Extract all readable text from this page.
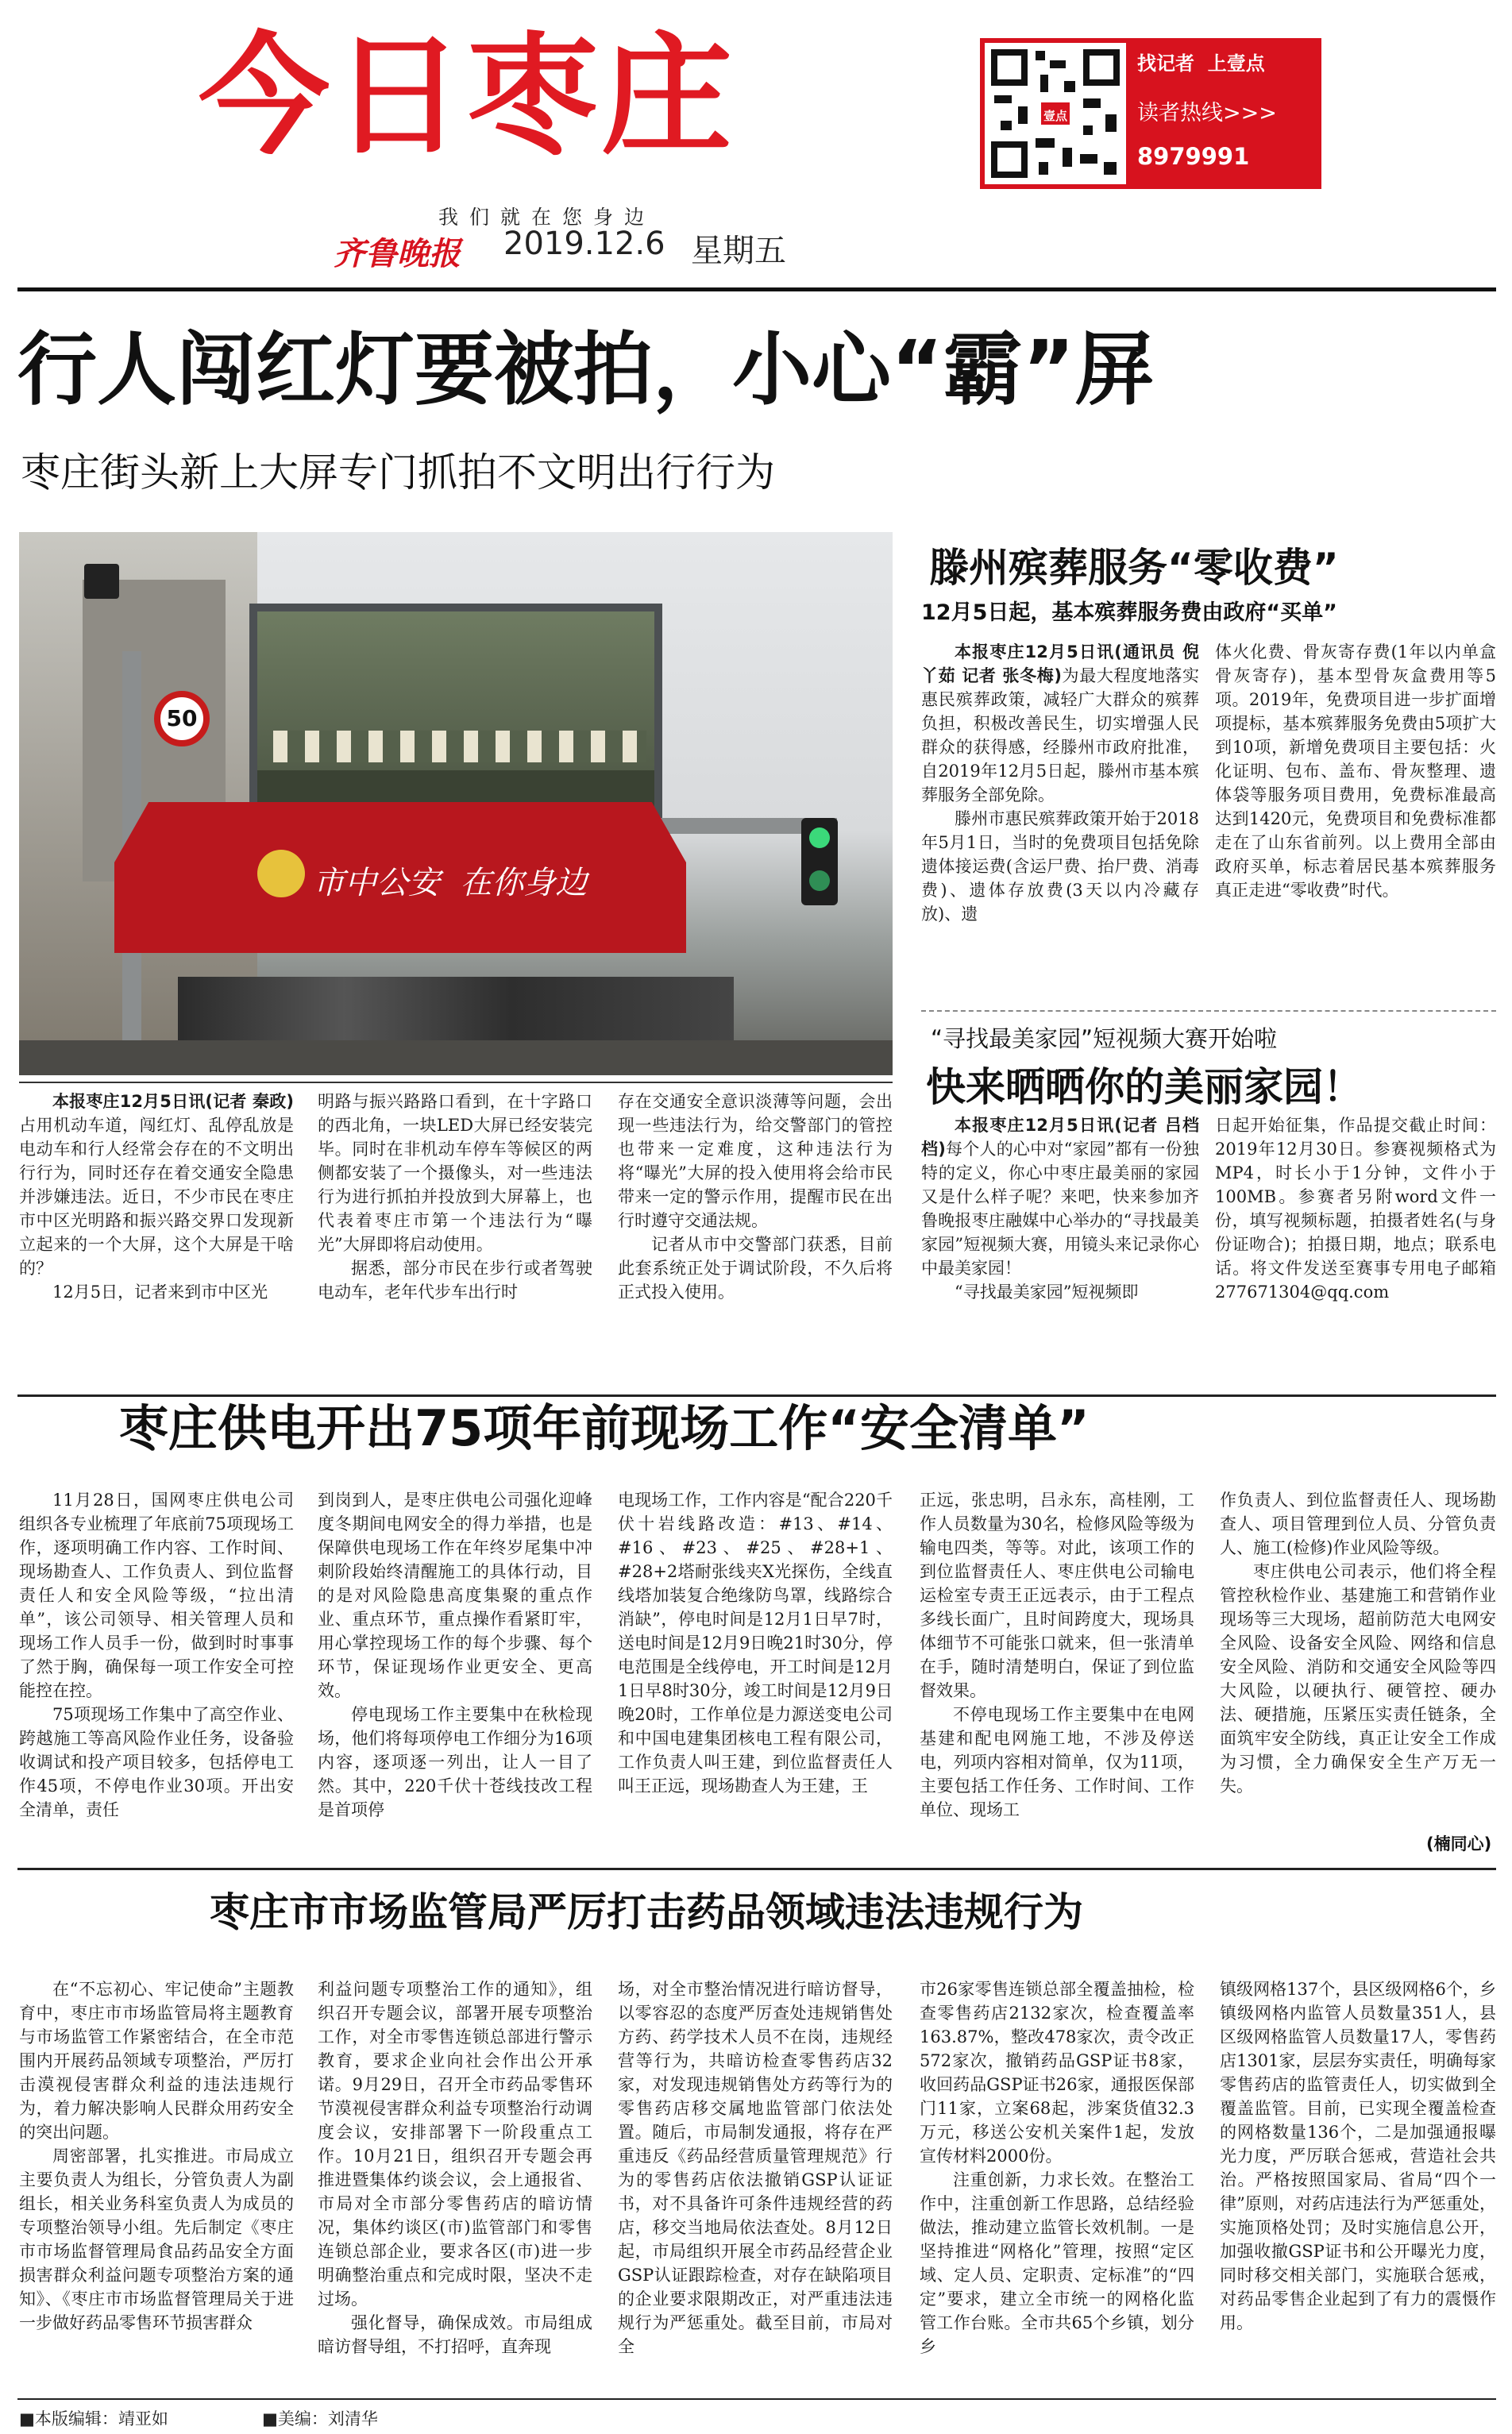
今日枣庄
我们就在您身边
齐鲁晚报 2019.12.6 星期五
壹点
找记者  上壹点
读者热线>>>
8979991
行人闯红灯要被拍，小心“霸”屏
枣庄街头新上大屏专门抓拍不文明出行行为
50
市中公安  在你身边

本报枣庄12月5日讯(记者 秦政)占用机动车道，闯红灯、乱停乱放是电动车和行人经常会存在的不文明出行行为，同时还存在着交通安全隐患并涉嫌违法。近日，不少市民在枣庄市中区光明路和振兴路交界口发现新立起来的一个大屏，这个大屏是干啥的？

12月5日，记者来到市中区光

明路与振兴路路口看到，在十字路口的西北角，一块LED大屏已经安装完毕。同时在非机动车停车等候区的两侧都安装了一个摄像头，对一些违法行为进行抓拍并投放到大屏幕上，也代表着枣庄市第一个违法行为“曝光”大屏即将启动使用。

据悉，部分市民在步行或者驾驶电动车，老年代步车出行时

存在交通安全意识淡薄等问题，会出现一些违法行为，给交警部门的管控也带来一定难度，这种违法行为将“曝光”大屏的投入使用将会给市民带来一定的警示作用，提醒市民在出行时遵守交通法规。

记者从市中交警部门获悉，目前此套系统正处于调试阶段，不久后将正式投入使用。

滕州殡葬服务“零收费”
12月5日起，基本殡葬服务费由政府“买单”

本报枣庄12月5日讯(通讯员 倪丫茹 记者 张冬梅)为最大程度地落实惠民殡葬政策，减轻广大群众的殡葬负担，积极改善民生，切实增强人民群众的获得感，经滕州市政府批准，自2019年12月5日起，滕州市基本殡葬服务全部免除。

滕州市惠民殡葬政策开始于2018年5月1日，当时的免费项目包括免除遗体接运费(含运尸费、抬尸费、消毒费)、遗体存放费(3天以内冷藏存放)、遗

体火化费、骨灰寄存费(1年以内单盒骨灰寄存)，基本型骨灰盒费用等5项。2019年，免费项目进一步扩面增项提标，基本殡葬服务免费由5项扩大到10项，新增免费项目主要包括：火化证明、包布、盖布、骨灰整理、遗体袋等服务项目费用，免费标准最高达到1420元，免费项目和免费标准都走在了山东省前列。以上费用全部由政府买单，标志着居民基本殡葬服务真正走进“零收费”时代。

“寻找最美家园”短视频大赛开始啦
快来晒晒你的美丽家园！

本报枣庄12月5日讯(记者 吕档档)每个人的心中对“家园”都有一份独特的定义，你心中枣庄最美丽的家园又是什么样子呢？来吧，快来参加齐鲁晚报枣庄融媒中心举办的“寻找最美家园”短视频大赛，用镜头来记录你心中最美家园！

“寻找最美家园”短视频即

日起开始征集，作品提交截止时间：2019年12月30日。参赛视频格式为MP4，时长小于1分钟，文件小于100MB。参赛者另附word文件一份，填写视频标题，拍摄者姓名(与身份证吻合)；拍摄日期，地点；联系电话。将文件发送至赛事专用电子邮箱277671304@qq.com

枣庄供电开出75项年前现场工作“安全清单”

11月28日，国网枣庄供电公司组织各专业梳理了年底前75项现场工作，逐项明确工作内容、工作时间、现场勘查人、工作负责人、到位监督责任人和安全风险等级，“拉出清单”，该公司领导、相关管理人员和现场工作人员手一份，做到时时事事了然于胸，确保每一项工作安全可控能控在控。

75项现场工作集中了高空作业、跨越施工等高风险作业任务，设备验收调试和投产项目较多，包括停电工作45项，不停电作业30项。开出安全清单，责任

到岗到人，是枣庄供电公司强化迎峰度冬期间电网安全的得力举措，也是保障供电现场工作在年终岁尾集中冲刺阶段始终清醒施工的具体行动，目的是对风险隐患高度集聚的重点作业、重点环节，重点操作看紧盯牢，用心掌控现场工作的每个步骤、每个环节，保证现场作业更安全、更高效。

停电现场工作主要集中在秋检现场，他们将每项停电工作细分为16项内容，逐项逐一列出，让人一目了然。其中，220千伏十苍线技改工程是首项停

电现场工作，工作内容是“配合220千伏十岩线路改造：#13、#14、#16、#23、#25、#28+1、#28+2塔耐张线夹X光探伤，全线直线塔加装复合绝缘防鸟罩，线路综合消缺”，停电时间是12月1日早7时，送电时间是12月9日晚21时30分，停电范围是全线停电，开工时间是12月1日早8时30分，竣工时间是12月9日晚20时，工作单位是力源送变电公司和中国电建集团核电工程有限公司，工作负责人叫王建，到位监督责任人叫王正远，现场勘查人为王建，王

正远，张忠明，吕永东，高桂刚，工作人员数量为30名，检修风险等级为输电四类，等等。对此，该项工作的到位监督责任人、枣庄供电公司输电运检室专责王正远表示，由于工程点多线长面广，且时间跨度大，现场具体细节不可能张口就来，但一张清单在手，随时清楚明白，保证了到位监督效果。

不停电现场工作主要集中在电网基建和配电网施工地，不涉及停送电，列项内容相对简单，仅为11项，主要包括工作任务、工作时间、工作单位、现场工

作负责人、到位监督责任人、现场勘查人、项目管理到位人员、分管负责人、施工(检修)作业风险等级。

枣庄供电公司表示，他们将全程管控秋检作业、基建施工和营销作业现场等三大现场，超前防范大电网安全风险、设备安全风险、网络和信息安全风险、消防和交通安全风险等四大风险，以硬执行、硬管控、硬办法、硬措施，压紧压实责任链条，全面筑牢安全防线，真正让安全工作成为习惯，全力确保安全生产万无一失。

(楠同心)
枣庄市市场监管局严厉打击药品领域违法违规行为

在“不忘初心、牢记使命”主题教育中，枣庄市市场监管局将主题教育与市场监管工作紧密结合，在全市范围内开展药品领域专项整治，严厉打击漠视侵害群众利益的违法违规行为，着力解决影响人民群众用药安全的突出问题。

周密部署，扎实推进。市局成立主要负责人为组长，分管负责人为副组长，相关业务科室负责人为成员的专项整治领导小组。先后制定《枣庄市市场监督管理局食品药品安全方面损害群众利益问题专项整治方案的通知》、《枣庄市市场监督管理局关于进一步做好药品零售环节损害群众

利益问题专项整治工作的通知》，组织召开专题会议，部署开展专项整治工作，对全市零售连锁总部进行警示教育，要求企业向社会作出公开承诺。9月29日，召开全市药品零售环节漠视侵害群众利益专项整治行动调度会议，安排部署下一阶段重点工作。10月21日，组织召开专题会再推进暨集体约谈会议，会上通报省、市局对全市部分零售药店的暗访情况，集体约谈区(市)监管部门和零售连锁总部企业，要求各区(市)进一步明确整治重点和完成时限，坚决不走过场。

强化督导，确保成效。市局组成暗访督导组，不打招呼，直奔现

场，对全市整治情况进行暗访督导，以零容忍的态度严厉查处违规销售处方药、药学技术人员不在岗，违规经营等行为，共暗访检查零售药店32家，对发现违规销售处方药等行为的零售药店移交属地监管部门依法处置。随后，市局制发通报，将存在严重违反《药品经营质量管理规范》行为的零售药店依法撤销GSP认证证书，对不具备许可条件违规经营的药店，移交当地局依法查处。8月12日起，市局组织开展全市药品经营企业GSP认证跟踪检查，对存在缺陷项目的企业要求限期改正，对严重违法违规行为严惩重处。截至目前，市局对全

市26家零售连锁总部全覆盖抽检，检查零售药店2132家次，检查覆盖率163.87%，整改478家次，责令改正572家次，撤销药品GSP证书8家，收回药品GSP证书26家，通报医保部门11家，立案68起，涉案货值32.3万元，移送公安机关案件1起，发放宣传材料2000份。

注重创新，力求长效。在整治工作中，注重创新工作思路，总结经验做法，推动建立监管长效机制。一是坚持推进“网格化”管理，按照“定区域、定人员、定职责、定标准”的“四定”要求，建立全市统一的网格化监管工作台账。全市共65个乡镇，划分乡

镇级网格137个，县区级网格6个，乡镇级网格内监管人员数量351人，县区级网格监管人员数量17人，零售药店1301家，层层夯实责任，明确每家零售药店的监管责任人，切实做到全覆盖监管。目前，已实现全覆盖检查的网格数量136个，二是加强通报曝光力度，严厉联合惩戒，营造社会共治。严格按照国家局、省局“四个一律”原则，对药店违法行为严惩重处，实施顶格处罚；及时实施信息公开，加强收撤GSP证书和公开曝光力度，同时移交相关部门，实施联合惩戒，对药品零售企业起到了有力的震慑作用。

■本版编辑：靖亚如	■美编：刘清华
